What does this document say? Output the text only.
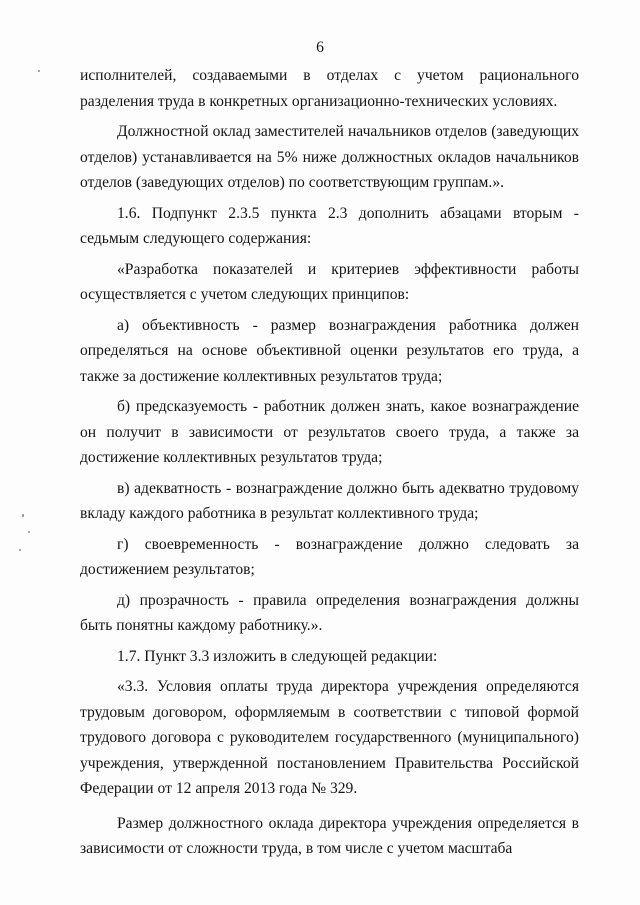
6

исполнителей, создаваемыми в отделах с учетом рационального разделения труда в конкретных организационно-технических условиях.

Должностной оклад заместителей начальников отделов (заведующих отделов) устанавливается на 5% ниже должностных окладов начальников отделов (заведующих отделов) по соответствующим группам.».

1.6. Подпункт 2.3.5 пункта 2.3 дополнить абзацами вторым - седьмым следующего содержания:

«Разработка показателей и критериев эффективности работы осуществляется с учетом следующих принципов:

а) объективность - размер вознаграждения работника должен определяться на основе объективной оценки результатов его труда, а также за достижение коллективных результатов труда;

б) предсказуемость - работник должен знать, какое вознаграждение он получит в зависимости от результатов своего труда, а также за достижение коллективных результатов труда;

в) адекватность - вознаграждение должно быть адекватно трудовому вкладу каждого работника в результат коллективного труда;

г) своевременность - вознаграждение должно следовать за достижением результатов;

д) прозрачность - правила определения вознаграждения должны быть понятны каждому работнику.».

1.7. Пункт 3.3 изложить в следующей редакции:

«3.3. Условия оплаты труда директора учреждения определяются трудовым договором, оформляемым в соответствии с типовой формой трудового договора с руководителем государственного (муниципального) учреждения, утвержденной постановлением Правительства Российской Федерации от 12 апреля 2013 года № 329.

Размер должностного оклада директора учреждения определяется в зависимости от сложности труда, в том числе с учетом масштаба
